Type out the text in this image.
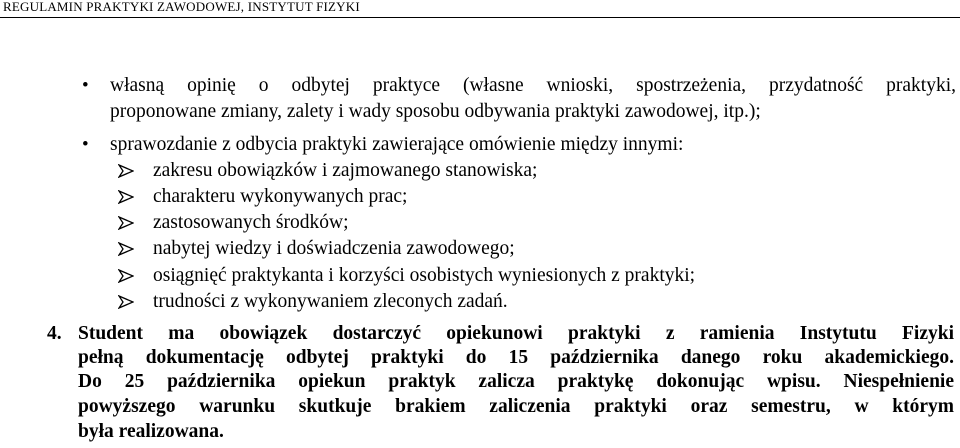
REGULAMIN PRAKTYKI ZAWODOWEJ, INSTYTUT FIZYKI
• własną opinię o odbytej praktyce (własne wnioski, spostrzeżenia, przydatność praktyki,
proponowane zmiany, zalety i wady sposobu odbywania praktyki zawodowej, itp.);
• sprawozdanie z odbycia praktyki zawierające omówienie między innymi:
zakresu obowiązków i zajmowanego stanowiska;
charakteru wykonywanych prac;
zastosowanych środków;
nabytej wiedzy i doświadczenia zawodowego;
osiągnięć praktykanta i korzyści osobistych wyniesionych z praktyki;
trudności z wykonywaniem zleconych zadań.
4. Student ma obowiązek dostarczyć opiekunowi praktyki z ramienia Instytutu Fizyki
pełną dokumentację odbytej praktyki do 15 października danego roku akademickiego.
Do 25 października opiekun praktyk zalicza praktykę dokonując wpisu. Niespełnienie
powyższego warunku skutkuje brakiem zaliczenia praktyki oraz semestru, w którym
była realizowana.
